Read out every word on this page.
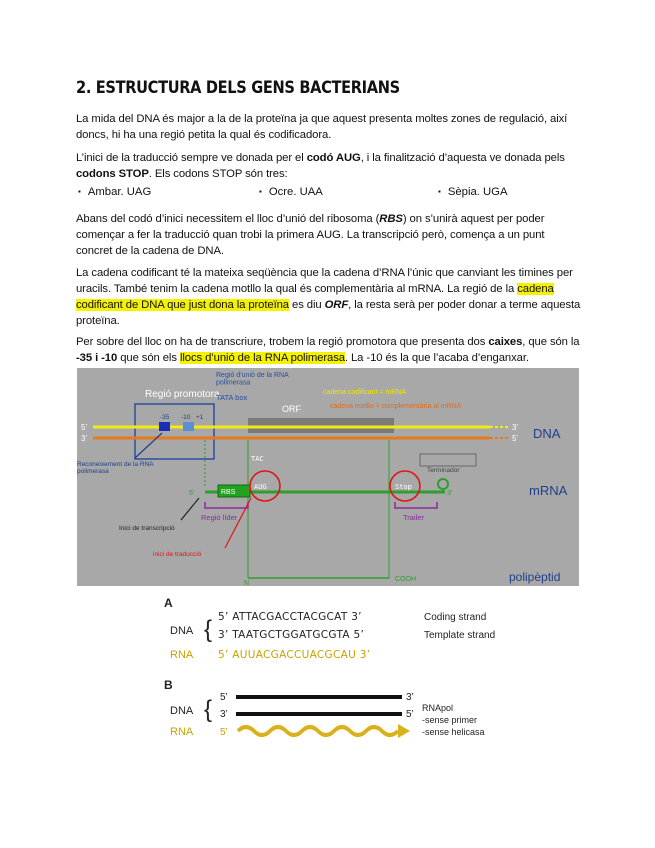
2. ESTRUCTURA DELS GENS BACTERIANS
La mida del DNA és major a la de la proteïna ja que aquest presenta moltes zones de regulació, així doncs, hi ha una regió petita la qual és codificadora.
L’inici de la traducció sempre ve donada per el codó AUG, i la finalització d’aquesta ve donada pels codons STOP. Els codons STOP són tres:
▪ Ambar. UAG	▪ Ocre. UAA	▪ Sèpia. UGA
Abans del codó d’inici necessitem el lloc d’unió del ribosoma (RBS) on s’unirà aquest per poder començar a fer la traducció quan trobi la primera AUG. La transcripció però, comença a un punt concret de la cadena de DNA.
La cadena codificant té la mateixa seqüència que la cadena d’RNA l’únic que canviant les timines per uracils. També tenim la cadena motllo la qual és complementària al mRNA. La regió de la cadena codificant de DNA que just dona la proteïna es diu ORF, la resta serà per poder donar a terme aquesta proteïna.
Per sobre del lloc on ha de transcriure, trobem la regió promotora que presenta dos caixes, que són la -35 i -10 que són els llocs d’unió de la RNA polimerasa. La -10 és la que l’acaba d’enganxar.
Regió promotora
Regió d’unió de la RNA polimerasa
TATA box
ORF
cadena codificant = mRNA
cadena motllo = complementària al mRNA
5’
3’
3’
5’ DNA
-35 -10 +1
Reconeixement de la RNA polimerasa
TAC
Terminador
5’	3’	mRNA
RBS
AUG	Stop
Regió líder	Trailer
Inici de transcripció
inici de traducció
N
COOH	polipèptid
A
DNA { 5’ ATTACGACCTACGCAT 3’
3’ TAATGCTGGATGCGTA 5’
Coding strand
Template strand
RNA 5’ AUUACGACCUACGCAU 3’
B
DNA { 5’	3’
3’	5’
RNA	5’
RNApol
-sense primer
-sense helicasa
